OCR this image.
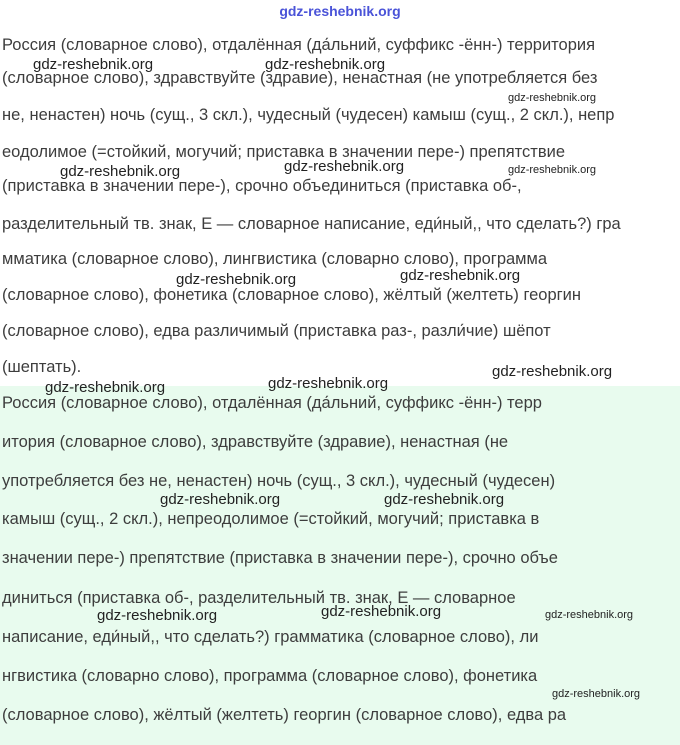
gdz-reshebnik.org
Россия (словарное слово), отдалённая (да́льний, суффикс -ённ-) территория
(словарное слово), здравствуйте (здравие), ненастная (не употребляется без
не, ненастен) ночь (сущ., 3 скл.), чудесный (чудесен) камыш (сущ., 2 скл.), непр
еодолимое (=стойкий, могучий; приставка в значении пере-) препятствие
(приставка в значении пере-), срочно объединиться (приставка об-,
разделительный тв. знак, Е — словарное написание, еди́ный,, что сделать?) гра
мматика (словарное слово), лингвистика (словарно слово), программа
(словарное слово), фонетика (словарное слово), жёлтый (желтеть) георгин
(словарное слово), едва различимый (приставка раз-, разли́чие) шёпот
(шептать).
Россия (словарное слово), отдалённая (да́льний, суффикс -ённ-) терр
итория (словарное слово), здравствуйте (здравие), ненастная (не
употребляется без не, ненастен) ночь (сущ., 3 скл.), чудесный (чудесен)
камыш (сущ., 2 скл.), непреодолимое (=стойкий, могучий; приставка в
значении пере-) препятствие (приставка в значении пере-), срочно объе
диниться (приставка об-, разделительный тв. знак, Е — словарное
написание, еди́ный,, что сделать?) грамматика (словарное слово), ли
нгвистика (словарно слово), программа (словарное слово), фонетика
(словарное слово), жёлтый (желтеть) георгин (словарное слово), едва ра
gdz-reshebnik.org	gdz-reshebnik.org
gdz-reshebnik.org
gdz-reshebnik.org	gdz-reshebnik.org	gdz-reshebnik.org
gdz-reshebnik.org	gdz-reshebnik.org
gdz-reshebnik.org	gdz-reshebnik.org
gdz-reshebnik.org
gdz-reshebnik.org	gdz-reshebnik.org
gdz-reshebnik.org	gdz-reshebnik.org	gdz-reshebnik.org
gdz-reshebnik.org
